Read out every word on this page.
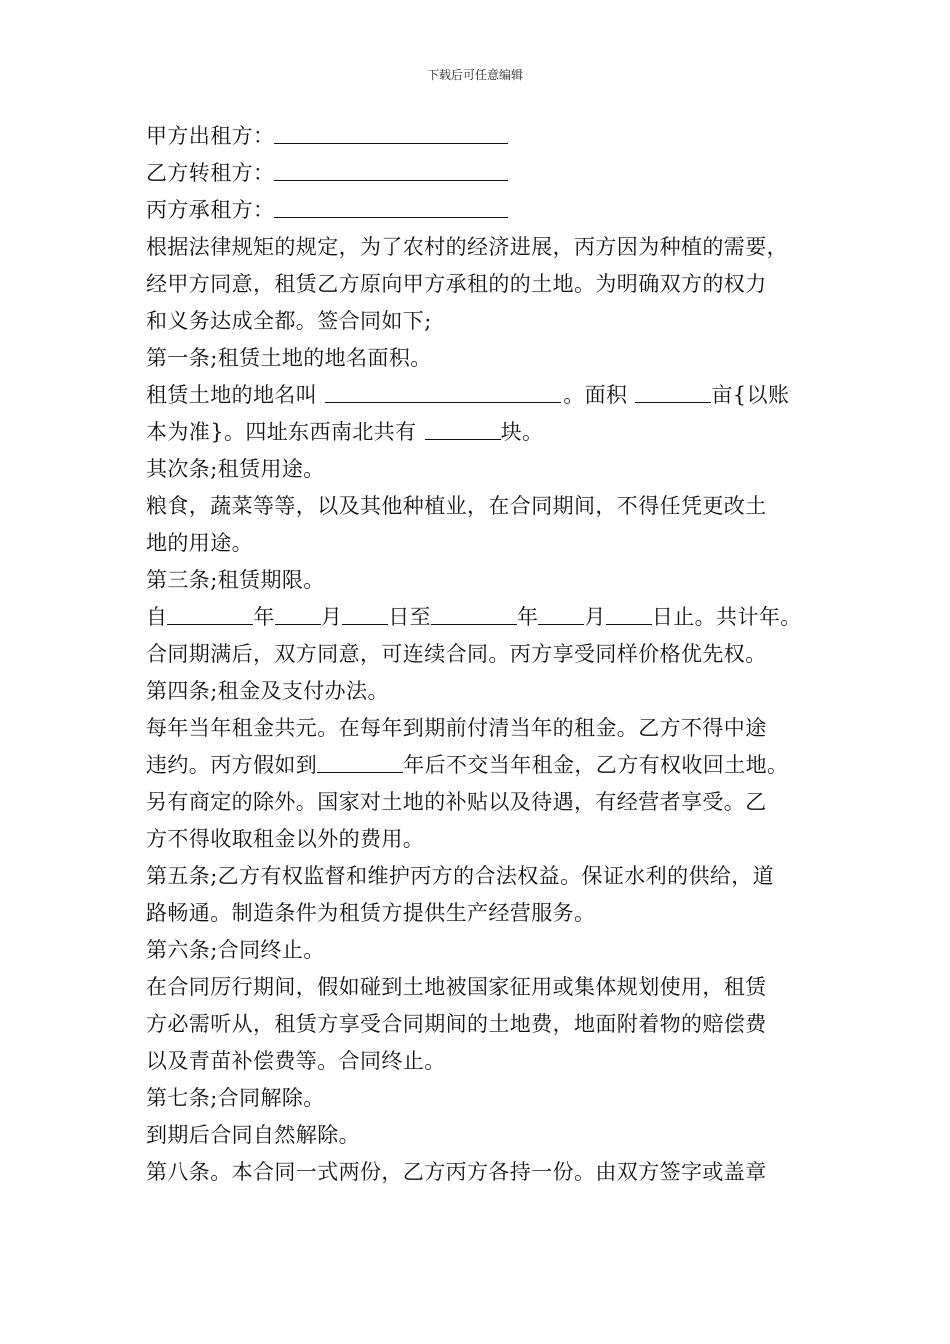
下载后可任意编辑
甲方出租方：
乙方转租方：
丙方承租方：
根据法律规矩的规定，为了农村的经济进展，丙方因为种植的需要，
经甲方同意，租赁乙方原向甲方承租的的土地。为明确双方的权力
和义务达成全都。签合同如下;
第一条;租赁土地的地名面积。
租赁土地的地名叫	。面积	亩{以账
本为准}。四址东西南北共有	块。
其次条;租赁用途。
粮食，蔬菜等等，以及其他种植业，在合同期间，不得任凭更改土
地的用途。
第三条;租赁期限。
自	年 月 日至	年 月 日止。共计年。
合同期满后，双方同意，可连续合同。丙方享受同样价格优先权。
第四条;租金及支付办法。
每年当年租金共元。在每年到期前付清当年的租金。乙方不得中途
违约。丙方假如到	年后不交当年租金，乙方有权收回土地。
另有商定的除外。国家对土地的补贴以及待遇，有经营者享受。乙
方不得收取租金以外的费用。
第五条;乙方有权监督和维护丙方的合法权益。保证水利的供给，道
路畅通。制造条件为租赁方提供生产经营服务。
第六条;合同终止。
在合同厉行期间，假如碰到土地被国家征用或集体规划使用，租赁
方必需听从，租赁方享受合同期间的土地费，地面附着物的赔偿费
以及青苗补偿费等。合同终止。
第七条;合同解除。
到期后合同自然解除。
第八条。本合同一式两份，乙方丙方各持一份。由双方签字或盖章
